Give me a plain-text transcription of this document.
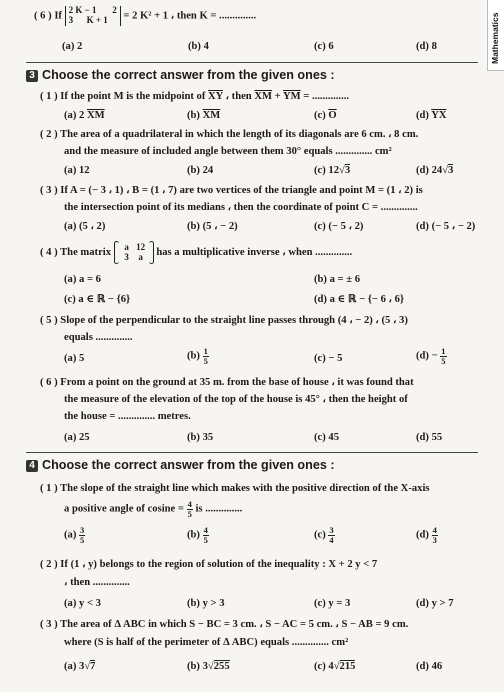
Mathematics
( 6 ) If
2 K − 1 2
3 K + 1	= 2 K² + 1 ، then K = ..............
(a) 2	(b) 4	(c) 6	(d) 8
3 Choose the correct answer from the given ones :
( 1 ) If the point M is the midpoint of $\overline{XY}$ ، then $\overline{XM} + \overline{YM}$ = ..............
(a) 2 $\overline{XM}$	(b) $\overline{XM}$	(c) $\overline{O}$	(d) $\overline{YX}$
( 2 ) The area of a quadrilateral in which the length of its diagonals are 6 cm. ، 8 cm.
and the measure of included angle between them 30° equals .............. cm²
(a) 12	(b) 24	(c) 12√3	(d) 24√3
( 3 ) If A = (− 3 ، 1) ، B = (1 ، 7) are two vertices of the triangle and point M = (1 ، 2) is
the intersection point of its medians ، then the coordinate of point C = ..............
(a) (5 ، 2)	(b) (5 ، − 2)	(c) (− 5 ، 2)	(d) (− 5 ، − 2)
( 4 ) The matrix	a 12
3 a	has a multiplicative inverse ، when ..............
(a) a = 6	(b) a = ± 6
(c) a ∈ ℝ − {6}	(d) a ∈ ℝ − {− 6 ، 6}
( 5 ) Slope of the perpendicular to the straight line passes through (4 ، − 2) ، (5 ، 3)
equals ..............
(a) 5	$(b) \frac{1}{5}$	(c) − 5	$(d) - \frac{1}{5}$
( 6 ) From a point on the ground at 35 m. from the base of house ، it was found that
the measure of the elevation of the top of the house is 45° ، then the height of
the house = .............. metres.
(a) 25	(b) 35	(c) 45	(d) 55
4 Choose the correct answer from the given ones :
( 1 ) The slope of the straight line which makes with the positive direction of the X-axis
a positive angle of $cosine = \frac{4}{5}$ is ..............
$(a) \frac{3}{5}$	$(b) \frac{4}{5}$	$(c) \frac{3}{4}$	$(d) \frac{4}{3}$
( 2 ) If (1 ، y) belongs to the region of solution of the inequality : X + 2 y < 7
، then ..............
(a) y < 3	(b) y > 3	(c) y = 3	(d) y > 7
( 3 ) The area of Δ ABC in which S − BC = 3 cm. ، S − AC = 5 cm. ، S − AB = 9 cm.
where (S is half of the perimeter of Δ ABC) equals .............. cm²
(a) 3√7	(b) 3√255	(c) 4√215	(d) 46
